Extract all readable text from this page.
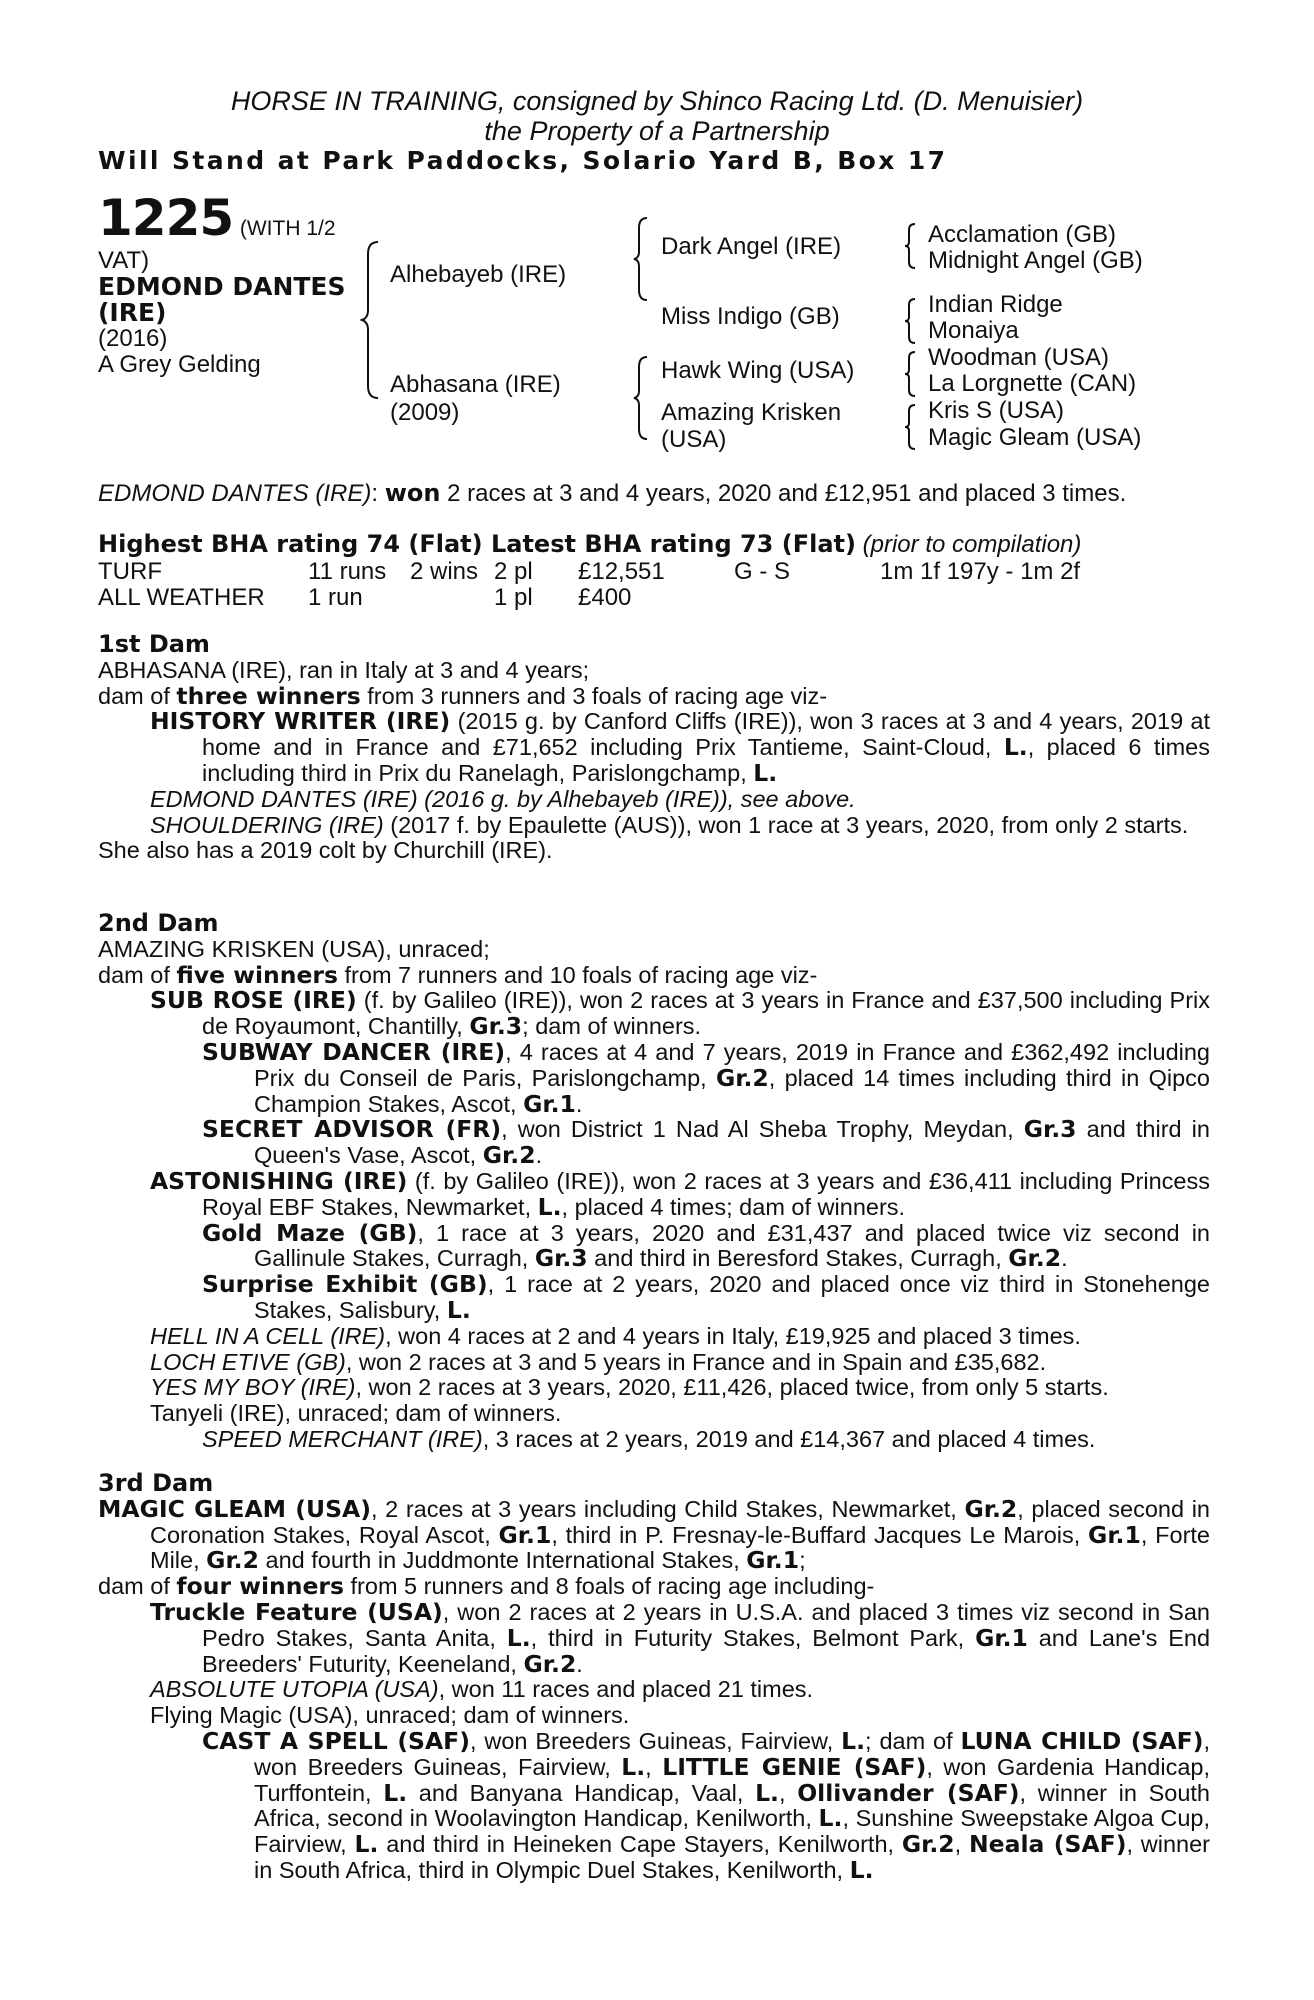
HORSE IN TRAINING, consigned by Shinco Racing Ltd. (D. Menuisier)
the Property of a Partnership
Will Stand at Park Paddocks, Solario Yard B, Box 17
1225 (WITH 1/2
VAT)
EDMOND DANTES
(IRE)
(2016)
A Grey Gelding
Alhebayeb (IRE)
Abhasana (IRE)
(2009)
Dark Angel (IRE)
Miss Indigo (GB)
Hawk Wing (USA)
Amazing Krisken
(USA)
Acclamation (GB)
Midnight Angel (GB)
Indian Ridge
Monaiya
Woodman (USA)
La Lorgnette (CAN)
Kris S (USA)
Magic Gleam (USA)
EDMOND DANTES (IRE): won 2 races at 3 and 4 years, 2020 and £12,951 and placed 3 times.
Highest BHA rating 74 (Flat) Latest BHA rating 73 (Flat) (prior to compilation)
TURF	11 runs 2 wins 2 pl £12,551	G - S	1m 1f 197y - 1m 2f
ALL WEATHER 1 run	1 pl £400
1st Dam
ABHASANA (IRE), ran in Italy at 3 and 4 years;
dam of three winners from 3 runners and 3 foals of racing age viz-
HISTORY WRITER (IRE) (2015 g. by Canford Cliffs (IRE)), won 3 races at 3 and 4 years, 2019 at home and in France and £71,652 including Prix Tantieme, Saint-Cloud, L., placed 6 times including third in Prix du Ranelagh, Parislongchamp, L.
EDMOND DANTES (IRE) (2016 g. by Alhebayeb (IRE)), see above.
SHOULDERING (IRE) (2017 f. by Epaulette (AUS)), won 1 race at 3 years, 2020, from only 2 starts.
She also has a 2019 colt by Churchill (IRE).
2nd Dam
AMAZING KRISKEN (USA), unraced;
dam of five winners from 7 runners and 10 foals of racing age viz-
SUB ROSE (IRE) (f. by Galileo (IRE)), won 2 races at 3 years in France and £37,500 including Prix de Royaumont, Chantilly, Gr.3; dam of winners.
SUBWAY DANCER (IRE), 4 races at 4 and 7 years, 2019 in France and £362,492 including Prix du Conseil de Paris, Parislongchamp, Gr.2, placed 14 times including third in Qipco Champion Stakes, Ascot, Gr.1.
SECRET ADVISOR (FR), won District 1 Nad Al Sheba Trophy, Meydan, Gr.3 and third in Queen's Vase, Ascot, Gr.2.
ASTONISHING (IRE) (f. by Galileo (IRE)), won 2 races at 3 years and £36,411 including Princess Royal EBF Stakes, Newmarket, L., placed 4 times; dam of winners.
Gold Maze (GB), 1 race at 3 years, 2020 and £31,437 and placed twice viz second in Gallinule Stakes, Curragh, Gr.3 and third in Beresford Stakes, Curragh, Gr.2.
Surprise Exhibit (GB), 1 race at 2 years, 2020 and placed once viz third in Stonehenge Stakes, Salisbury, L.
HELL IN A CELL (IRE), won 4 races at 2 and 4 years in Italy, £19,925 and placed 3 times.
LOCH ETIVE (GB), won 2 races at 3 and 5 years in France and in Spain and £35,682.
YES MY BOY (IRE), won 2 races at 3 years, 2020, £11,426, placed twice, from only 5 starts.
Tanyeli (IRE), unraced; dam of winners.
SPEED MERCHANT (IRE), 3 races at 2 years, 2019 and £14,367 and placed 4 times.
3rd Dam
MAGIC GLEAM (USA), 2 races at 3 years including Child Stakes, Newmarket, Gr.2, placed second in Coronation Stakes, Royal Ascot, Gr.1, third in P. Fresnay-le-Buffard Jacques Le Marois, Gr.1, Forte Mile, Gr.2 and fourth in Juddmonte International Stakes, Gr.1;
dam of four winners from 5 runners and 8 foals of racing age including-
Truckle Feature (USA), won 2 races at 2 years in U.S.A. and placed 3 times viz second in San Pedro Stakes, Santa Anita, L., third in Futurity Stakes, Belmont Park, Gr.1 and Lane's End Breeders' Futurity, Keeneland, Gr.2.
ABSOLUTE UTOPIA (USA), won 11 races and placed 21 times.
Flying Magic (USA), unraced; dam of winners.
CAST A SPELL (SAF), won Breeders Guineas, Fairview, L.; dam of LUNA CHILD (SAF), won Breeders Guineas, Fairview, L., LITTLE GENIE (SAF), won Gardenia Handicap, Turffontein, L. and Banyana Handicap, Vaal, L., Ollivander (SAF), winner in South Africa, second in Woolavington Handicap, Kenilworth, L., Sunshine Sweepstake Algoa Cup, Fairview, L. and third in Heineken Cape Stayers, Kenilworth, Gr.2, Neala (SAF), winner in South Africa, third in Olympic Duel Stakes, Kenilworth, L.
